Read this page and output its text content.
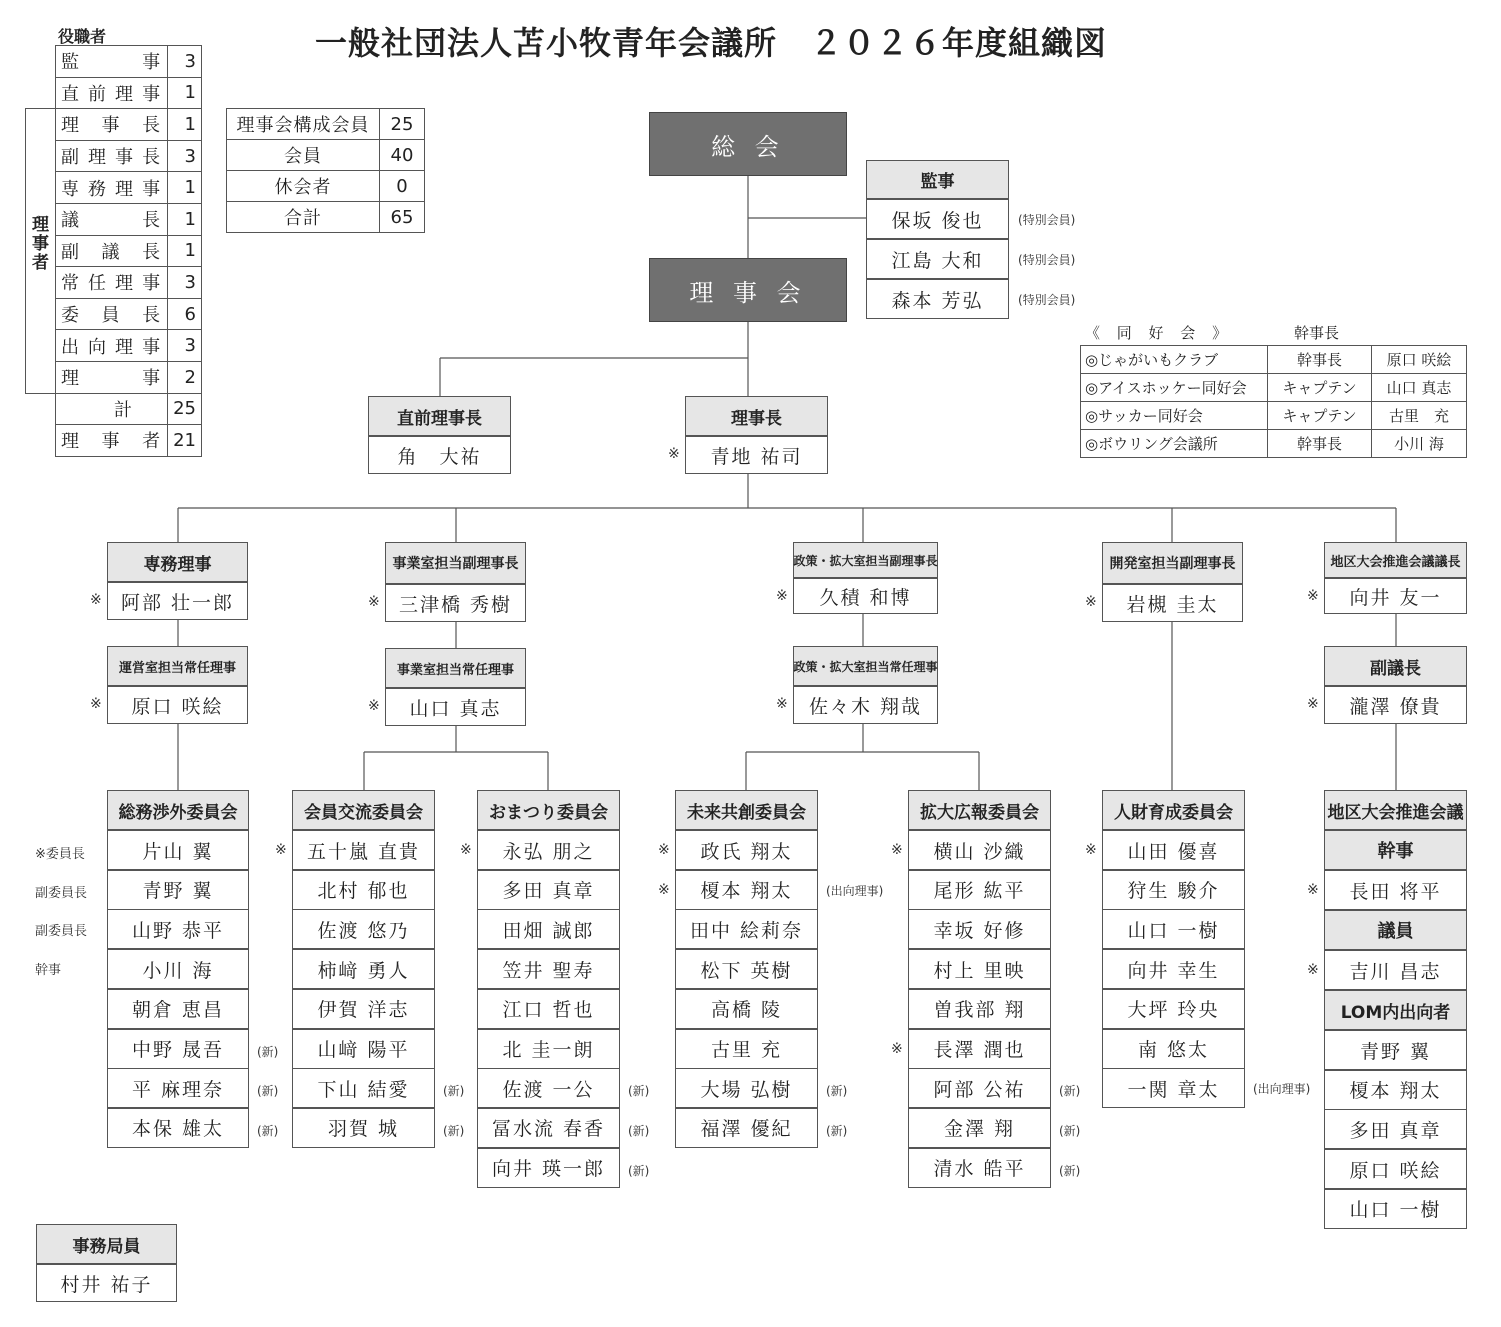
一般社団法人苫小牧青年会議所　２０２６年度組織図
役職者
監事	3
直前理事	1
理事長	1
副理事長	3
専務理事	1
議長	1
副議長	1
常任理事	3
委員長	6
出向理事	3
理事	2
計	25
理事者	21
理事者
理事会構成会員	25
会員	40
休会者	0
合計	65
総 会
理 事 会
監事
保坂 俊也	(特別会員)
江島 大和	(特別会員)
森本 芳弘	(特別会員)
《 同 好 会 》	幹事長
◎じゃがいもクラブ	幹事長	原口 咲絵
◎アイスホッケー同好会	キャプテン	山口 真志
◎サッカー同好会	キャプテン	古里　充
◎ボウリング会議所	幹事長	小川 海
直前理事長
角　大祐
理事長
青地 祐司
※
専務理事
阿部 壮一郎
※
事業室担当副理事長
三津橋 秀樹
※
政策・拡大室担当副理事長
久積 和博
※
開発室担当副理事長
岩槻 圭太
※
地区大会推進会議議長
向井 友一
※
運営室担当常任理事
原口 咲絵
※
事業室担当常任理事
山口 真志
※
政策・拡大室担当常任理事
佐々木 翔哉
※
副議長
瀧澤 僚貴
※
総務渉外委員会
片山 翼
青野 翼
山野 恭平
小川 海
朝倉 恵昌
中野 晟吾	(新)
平 麻理奈	(新)
本保 雄太	(新)
会員交流委員会
五十嵐 直貴
※
北村 郁也
佐渡 悠乃
柿﨑 勇人
伊賀 洋志
山﨑 陽平
下山 結愛	(新)
羽賀 城	(新)
おまつり委員会
永弘 朋之
※
多田 真章
田畑 誠郎
笠井 聖寿
江口 哲也
北 圭一朗
佐渡 一公	(新)
冨水流 春香	(新)
向井 瑛一郎	(新)
未来共創委員会
政氏 翔太
※
榎本 翔太
※	(出向理事)
田中 絵莉奈
松下 英樹
高橋 陵
古里 充
大場 弘樹	(新)
福澤 優紀	(新)
拡大広報委員会
横山 沙織
※
尾形 紘平
幸坂 好修
村上 里映
曽我部 翔
長澤 潤也
※
阿部 公祐	(新)
金澤 翔	(新)
清水 皓平	(新)
人財育成委員会
山田 優喜
※
狩生 駿介
山口 一樹
向井 幸生
大坪 玲央
南 悠太
一関 章太	(出向理事)
※委員長
副委員長
副委員長
幹事
地区大会推進会議
幹事
長田 将平
※
議員
吉川 昌志
※
LOM内出向者
青野 翼
榎本 翔太
多田 真章
原口 咲絵
山口 一樹
事務局員
村井 祐子
